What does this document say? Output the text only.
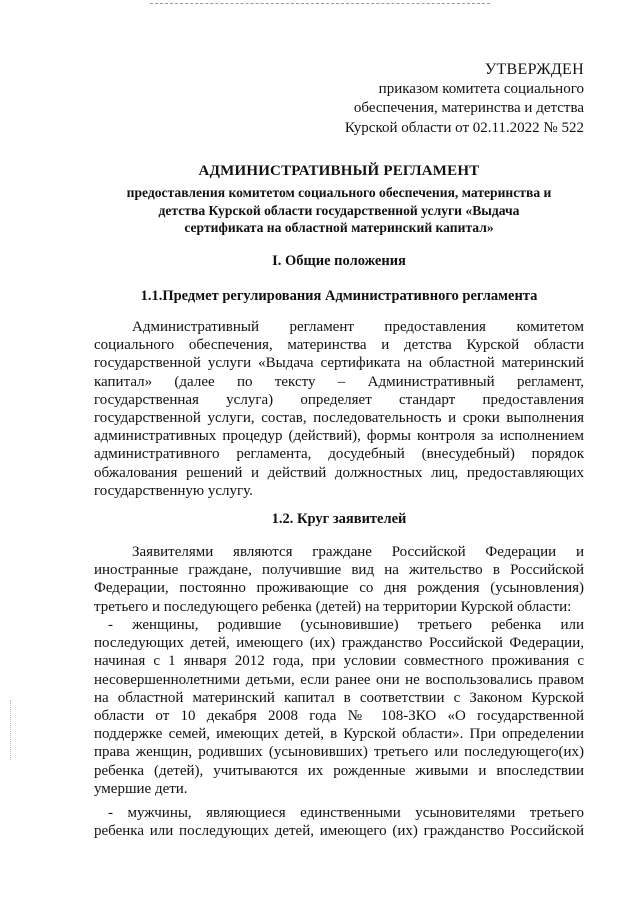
УТВЕРЖДЕН
приказом комитета социального
обеспечения, материнства и детства
Курской области от 02.11.2022 № 522
АДМИНИСТРАТИВНЫЙ РЕГЛАМЕНТ
предоставления комитетом социального обеспечения, материнства и
детства Курской области государственной услуги «Выдача
сертификата на областной материнский капитал»
I. Общие положения
1.1.Предмет регулирования Административного регламента
Административный регламент предоставления комитетом
социального обеспечения, материнства и детства Курской области
государственной услуги «Выдача сертификата на областной материнский
капитал» (далее по тексту – Административный регламент,
государственная услуга) определяет стандарт предоставления
государственной услуги, состав, последовательность и сроки выполнения
административных процедур (действий), формы контроля за исполнением
административного регламента, досудебный (внесудебный) порядок
обжалования решений и действий должностных лиц, предоставляющих
государственную услугу.
1.2. Круг заявителей
Заявителями являются граждане Российской Федерации и
иностранные граждане, получившие вид на жительство в Российской
Федерации, постоянно проживающие со дня рождения (усыновления)
третьего и последующего ребенка (детей) на территории Курской области:
- женщины, родившие (усыновившие) третьего ребенка или
последующих детей, имеющего (их) гражданство Российской Федерации,
начиная с 1 января 2012 года, при условии совместного проживания с
несовершеннолетними детьми, если ранее они не воспользовались правом
на областной материнский капитал в соответствии с Законом Курской
области от 10 декабря 2008 года № 108-ЗКО «О государственной
поддержке семей, имеющих детей, в Курской области». При определении
права женщин, родивших (усыновивших) третьего или последующего(их)
ребенка (детей), учитываются их рожденные живыми и впоследствии
умершие дети.
- мужчины, являющиеся единственными усыновителями третьего
ребенка или последующих детей, имеющего (их) гражданство Российской
